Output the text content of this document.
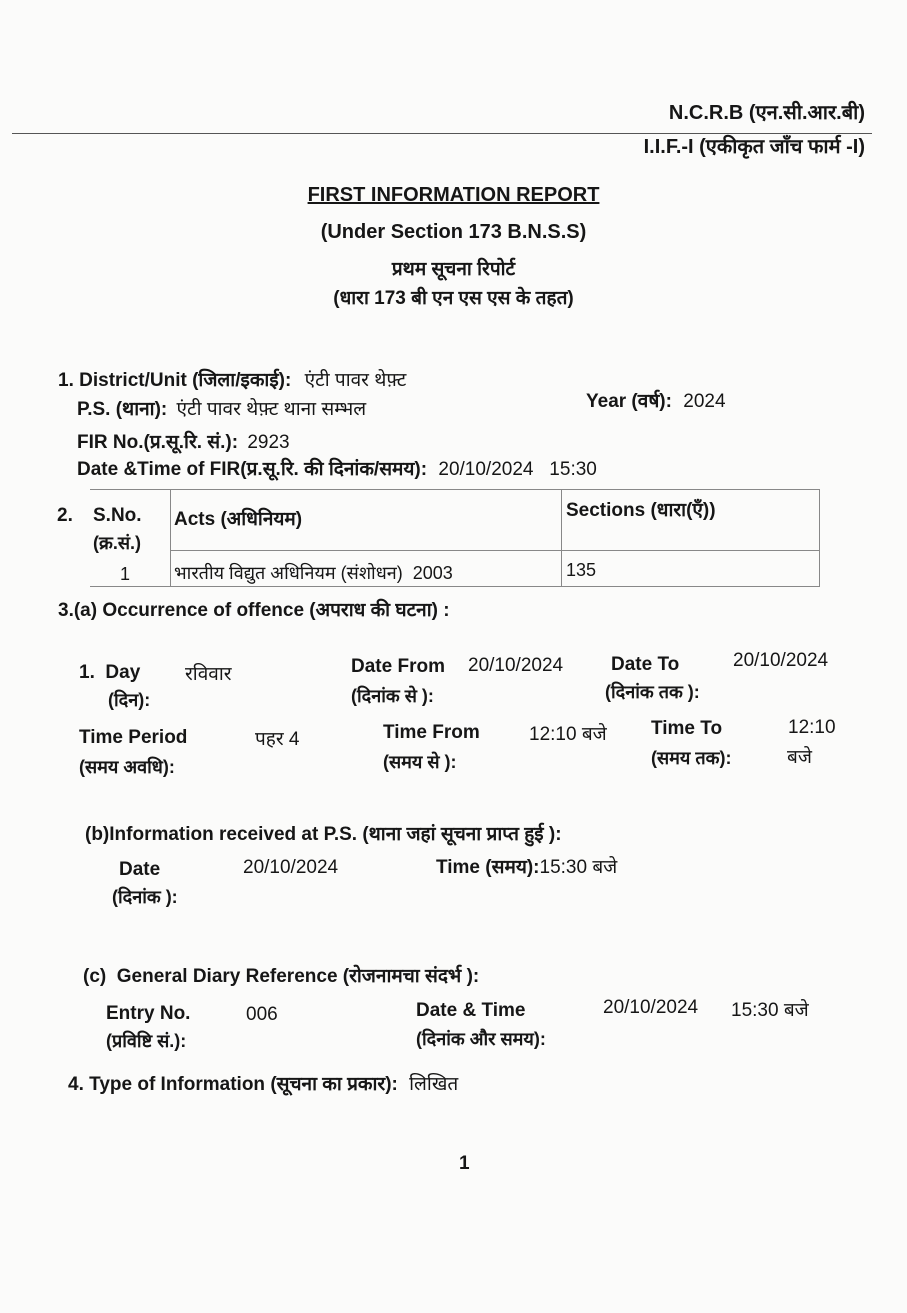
N.C.R.B (एन.सी.आर.बी)
I.I.F.-I (एकीकृत जाँच फार्म -I)
FIRST INFORMATION REPORT
(Under Section 173 B.N.S.S)
प्रथम सूचना रिपोर्ट
(धारा 173 बी एन एस एस के तहत)
1. District/Unit (जिला/इकाई): एंटी पावर थेफ़्ट
P.S. (थाना): एंटी पावर थेफ़्ट थाना सम्भल	Year (वर्ष): 2024
FIR No.(प्र.सू.रि. सं.): 2923
Date &Time of FIR(प्र.सू.रि. की दिनांक/समय): 20/10/2024   15:30
2. S.No.
(क्र.सं.)
Acts (अधिनियम)	Sections (धारा(एँ))
1 भारतीय विद्युत अधिनियम (संशोधन)  2003	135
3.(a) Occurrence of offence (अपराध की घटना) :
1.  Day
(दिन):
रविवार	Date From
(दिनांक से ):
20/10/2024	Date To
(दिनांक तक ):
20/10/2024
Time Period
(समय अवधि):
पहर 4	Time From
(समय से ):
12:10 बजे Time To
(समय तक):
12:10
बजे
(b)Information received at P.S. (थाना जहां सूचना प्राप्त हुई ):
Date
(दिनांक ):
20/10/2024	Time (समय):15:30 बजे
(c)  General Diary Reference (रोजनामचा संदर्भ ):
Entry No.
(प्रविष्टि सं.):
006	Date & Time
(दिनांक और समय):
20/10/2024 15:30 बजे
4. Type of Information (सूचना का प्रकार): लिखित
1
